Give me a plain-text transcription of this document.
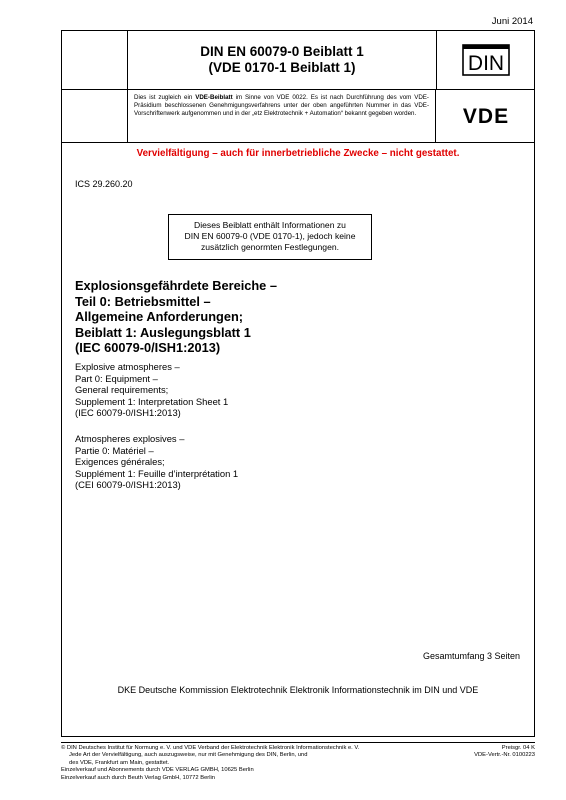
Juni 2014
DIN EN 60079-0 Beiblatt 1
(VDE 0170-1 Beiblatt 1)	DIN
Dies ist zugleich ein VDE-Beiblatt im Sinne von VDE 0022. Es ist nach Durchführung des vom VDE-Präsidium beschlossenen Genehmigungsverfahrens unter der oben angeführten Nummer in das VDE-Vorschriftenwerk aufgenommen und in der „etz Elektrotechnik + Automation“ bekannt gegeben worden.	VDE
Vervielfältigung – auch für innerbetriebliche Zwecke – nicht gestattet.
ICS 29.260.20
Dieses Beiblatt enthält Informationen zu
DIN EN 60079-0 (VDE 0170-1), jedoch keine
zusätzlich genormten Festlegungen.
Explosionsgefährdete Bereiche –
Teil 0: Betriebsmittel –
Allgemeine Anforderungen;
Beiblatt 1: Auslegungsblatt 1
(IEC 60079-0/ISH1:2013)
Explosive atmospheres –
Part 0: Equipment –
General requirements;
Supplement 1: Interpretation Sheet 1
(IEC 60079-0/ISH1:2013)
Atmospheres explosives –
Partie 0: Matériel –
Exigences générales;
Supplément 1: Feuille d’interprétation 1
(CEI 60079-0/ISH1:2013)
Gesamtumfang 3 Seiten
DKE Deutsche Kommission Elektrotechnik Elektronik Informationstechnik im DIN und VDE
© DIN Deutsches Institut für Normung e. V. und VDE Verband der Elektrotechnik Elektronik Informationstechnik e. V.
Jede Art der Vervielfältigung, auch auszugsweise, nur mit Genehmigung des DIN, Berlin, und
des VDE, Frankfurt am Main, gestattet.
Einzelverkauf und Abonnements durch VDE VERLAG GMBH, 10625 Berlin
Einzelverkauf auch durch Beuth Verlag GmbH, 10772 Berlin
Preisgr. 04 K
VDE-Vertr.-Nr. 0100223
